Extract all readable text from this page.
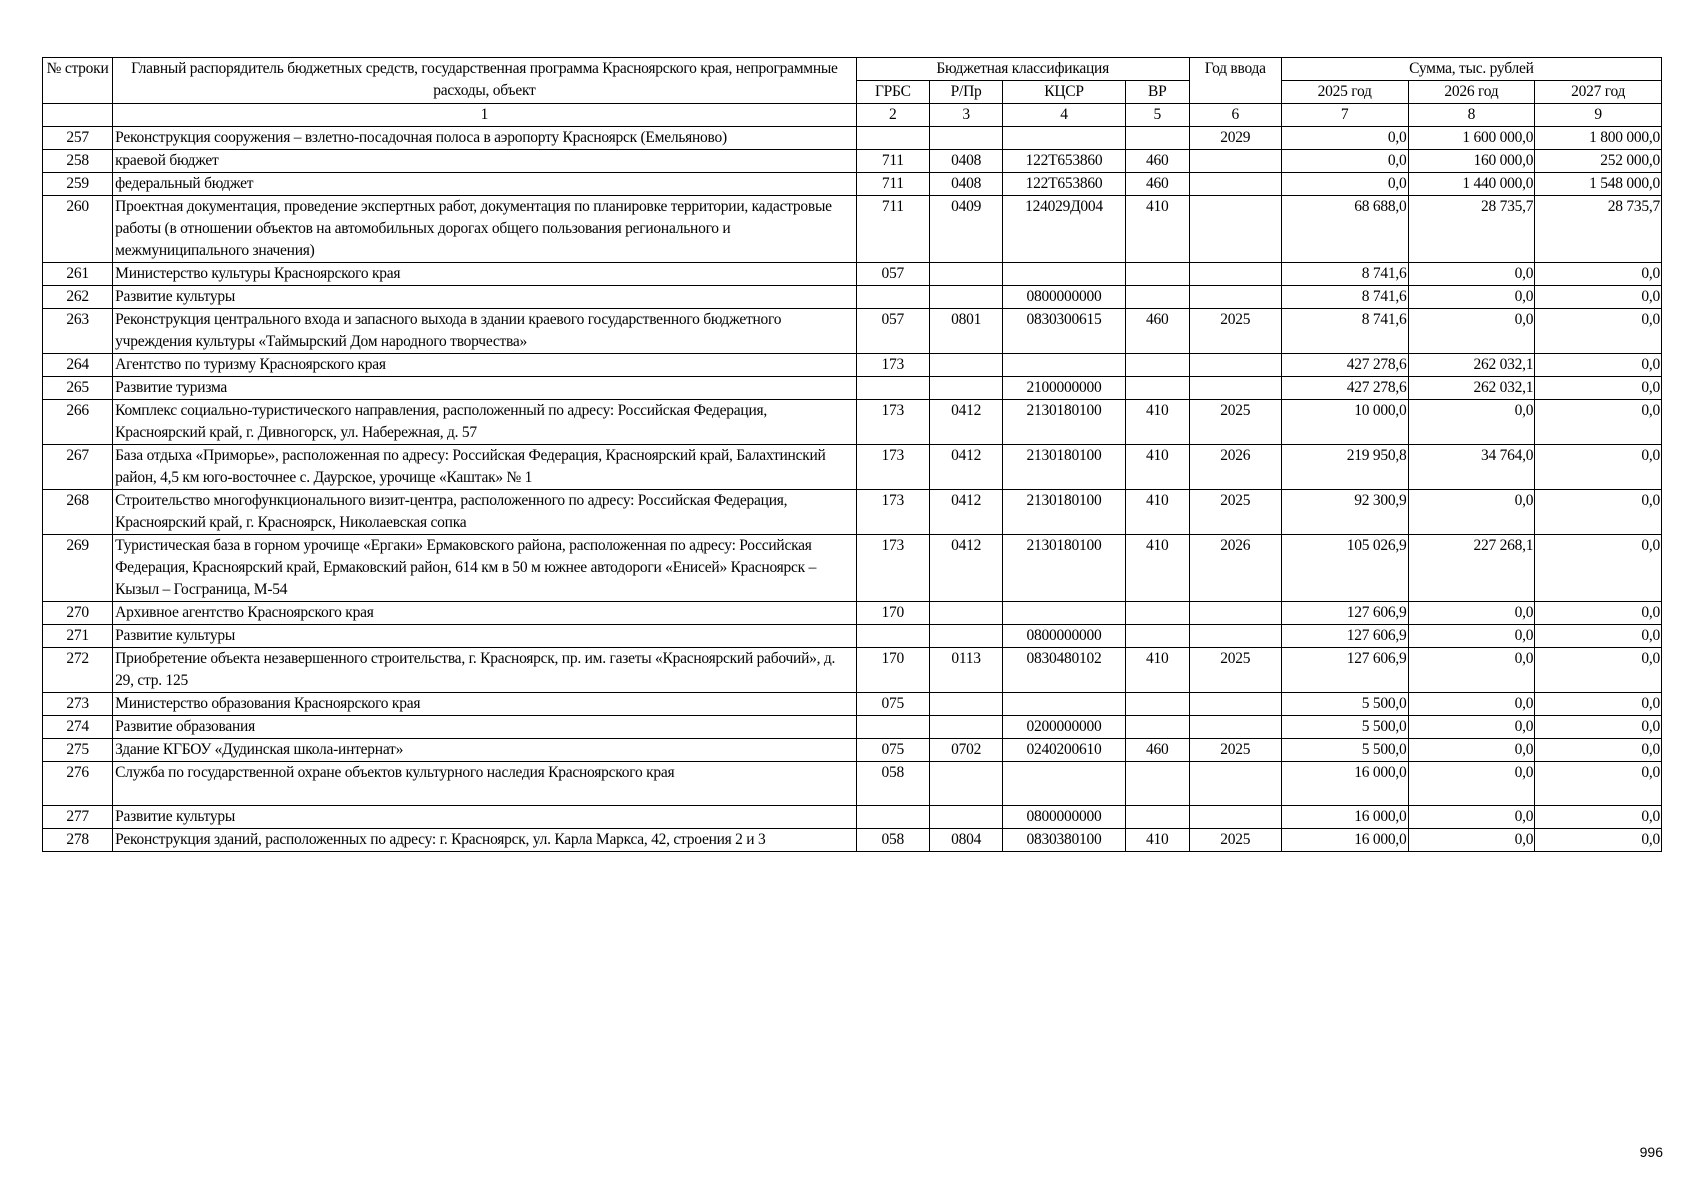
№ строки	Главный распорядитель бюджетных средств, государственная программа Красноярского края, непрограммные расходы, объект	Бюджетная классификация				Год ввода	Сумма, тыс. рублей		
		ГРБС	Р/Пр	КЦСР	ВР		2025 год	2026 год	2027 год
	1	2	3	4	5	6	7	8	9
257	Реконструкция сооружения – взлетно-посадочная полоса в аэропорту Красноярск (Емельяново)					2029	0,0	1 600 000,0	1 800 000,0
258	краевой бюджет	711	0408	122T653860	460		0,0	160 000,0	252 000,0
259	федеральный бюджет	711	0408	122T653860	460		0,0	1 440 000,0	1 548 000,0
260	Проектная документация, проведение экспертных работ, документация по планировке территории, кадастровые работы (в отношении объектов на автомобильных дорогах общего пользования регионального и межмуниципального значения)	711	0409	124029Д004	410		68 688,0	28 735,7	28 735,7
261	Министерство культуры Красноярского края	057					8 741,6	0,0	0,0
262	Развитие культуры			0800000000			8 741,6	0,0	0,0
263	Реконструкция центрального входа и запасного выхода в здании краевого государственного бюджетного учреждения культуры «Таймырский Дом народного творчества»	057	0801	0830300615	460	2025	8 741,6	0,0	0,0
264	Агентство по туризму Красноярского края	173					427 278,6	262 032,1	0,0
265	Развитие туризма			2100000000			427 278,6	262 032,1	0,0
266	Комплекс социально-туристического направления, расположенный по адресу: Российская Федерация, Красноярский край, г. Дивногорск, ул. Набережная, д. 57	173	0412	2130180100	410	2025	10 000,0	0,0	0,0
267	База отдыха «Приморье», расположенная по адресу: Российская Федерация, Красноярский край, Балахтинский район, 4,5 км юго-восточнее с. Даурское, урочище «Каштак» № 1	173	0412	2130180100	410	2026	219 950,8	34 764,0	0,0
268	Строительство многофункционального визит-центра, расположенного по адресу: Российская Федерация, Красноярский край, г. Красноярск, Николаевская сопка	173	0412	2130180100	410	2025	92 300,9	0,0	0,0
269	Туристическая база в горном урочище «Ергаки» Ермаковского района, расположенная по адресу: Российская Федерация, Красноярский край, Ермаковский район, 614 км в 50 м южнее автодороги «Енисей» Красноярск – Кызыл – Госграница, М-54	173	0412	2130180100	410	2026	105 026,9	227 268,1	0,0
270	Архивное агентство Красноярского края	170					127 606,9	0,0	0,0
271	Развитие культуры			0800000000			127 606,9	0,0	0,0
272	Приобретение объекта незавершенного строительства, г. Красноярск, пр. им. газеты «Красноярский рабочий», д. 29, стр. 125	170	0113	0830480102	410	2025	127 606,9	0,0	0,0
273	Министерство образования Красноярского края	075					5 500,0	0,0	0,0
274	Развитие образования			0200000000			5 500,0	0,0	0,0
275	Здание КГБОУ «Дудинская школа-интернат»	075	0702	0240200610	460	2025	5 500,0	0,0	0,0
276	Служба по государственной охране объектов культурного наследия Красноярского края	058					16 000,0	0,0	0,0
277	Развитие культуры			0800000000			16 000,0	0,0	0,0
278	Реконструкция зданий, расположенных по адресу: г. Красноярск, ул. Карла Маркса, 42, строения 2 и 3	058	0804	0830380100	410	2025	16 000,0	0,0	0,0
996
